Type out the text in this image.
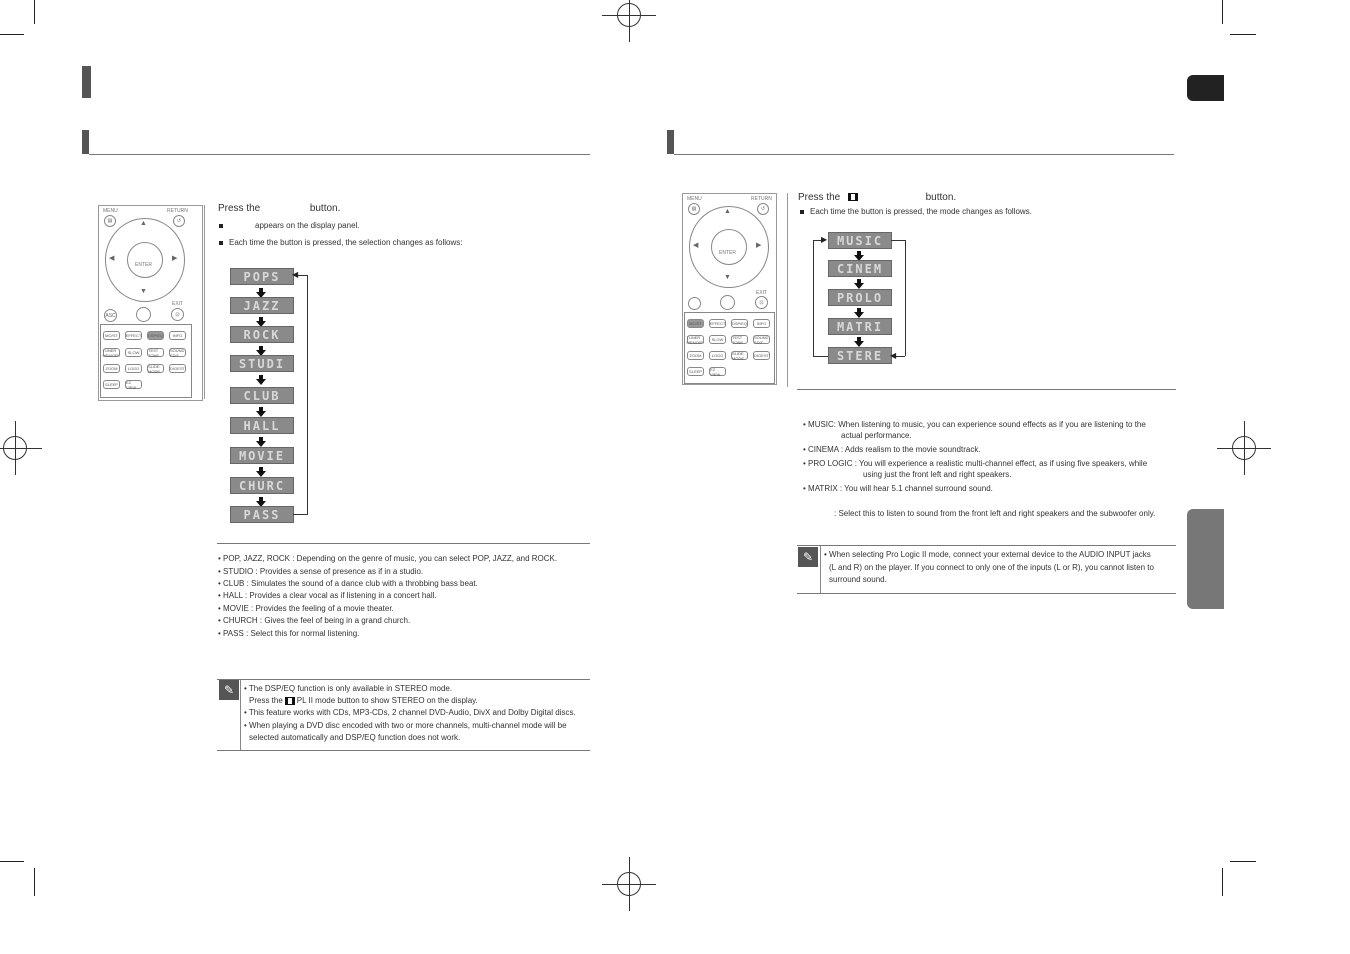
MENU	RETURN
▤	↺
ENTER
▲
▼
◀	▶
ASC
EXIT
⊡
MO/ST	EFFECT DSP/EQ	INFO
TUNER MEMORY	SLOW	TEST TONE
SOUND EDIT
ZOOM	LOGO	SLIDE MODE	DIGEST
SLEEP	EZ VIEW
Press the	button.
appears on the display panel.
Each time the button is pressed, the selection changes as follows:
POPS
JAZZ
ROCK
STUDI
CLUB
HALL
MOVIE
CHURC
PASS
◀
• POP, JAZZ, ROCK : Depending on the genre of music, you can select POP, JAZZ, and ROCK.
• STUDIO : Provides a sense of presence as if in a studio.
• CLUB : Simulates the sound of a dance club with a throbbing bass beat.
• HALL : Provides a clear vocal as if listening in a concert hall.
• MOVIE : Provides the feeling of a movie theater.
• CHURCH : Gives the feel of being in a grand church.
• PASS : Select this for normal listening.
✎	• The DSP/EQ function is only available in STEREO mode.
Press the PL II mode button to show STEREO on the display.
• This feature works with CDs, MP3-CDs, 2 channel DVD-Audio, DivX and Dolby Digital discs.
• When playing a DVD disc encoded with two or more channels, multi-channel mode will be
selected automatically and DSP/EQ function does not work.
MENU	RETURN
▤	↺
ENTER
▲
▼
◀	▶
EXIT
⊡
MO/ST	EFFECT DSP/EQ	INFO
TUNER MEMORY	SLOW	TEST TONE
SOUND EDIT
ZOOM	LOGO	SLIDE MODE	DIGEST
SLEEP	EZ VIEW
Press the	button.
Each time the button is pressed, the mode changes as follows.
MUSIC
CINEM
PROLO
MATRI
STERE ◀
▶
• MUSIC: When listening to music, you can experience sound effects as if you are listening to the
actual performance.
• CINEMA : Adds realism to the movie soundtrack.
• PRO LOGIC : You will experience a realistic multi-channel effect, as if using five speakers, while
using just the front left and right speakers.
• MATRIX : You will hear 5.1 channel surround sound.
: Select this to listen to sound from the front left and right speakers and the subwoofer only.
✎	• When selecting Pro Logic II mode, connect your external device to the AUDIO INPUT jacks
(L and R) on the player. If you connect to only one of the inputs (L or R), you cannot listen to
surround sound.
